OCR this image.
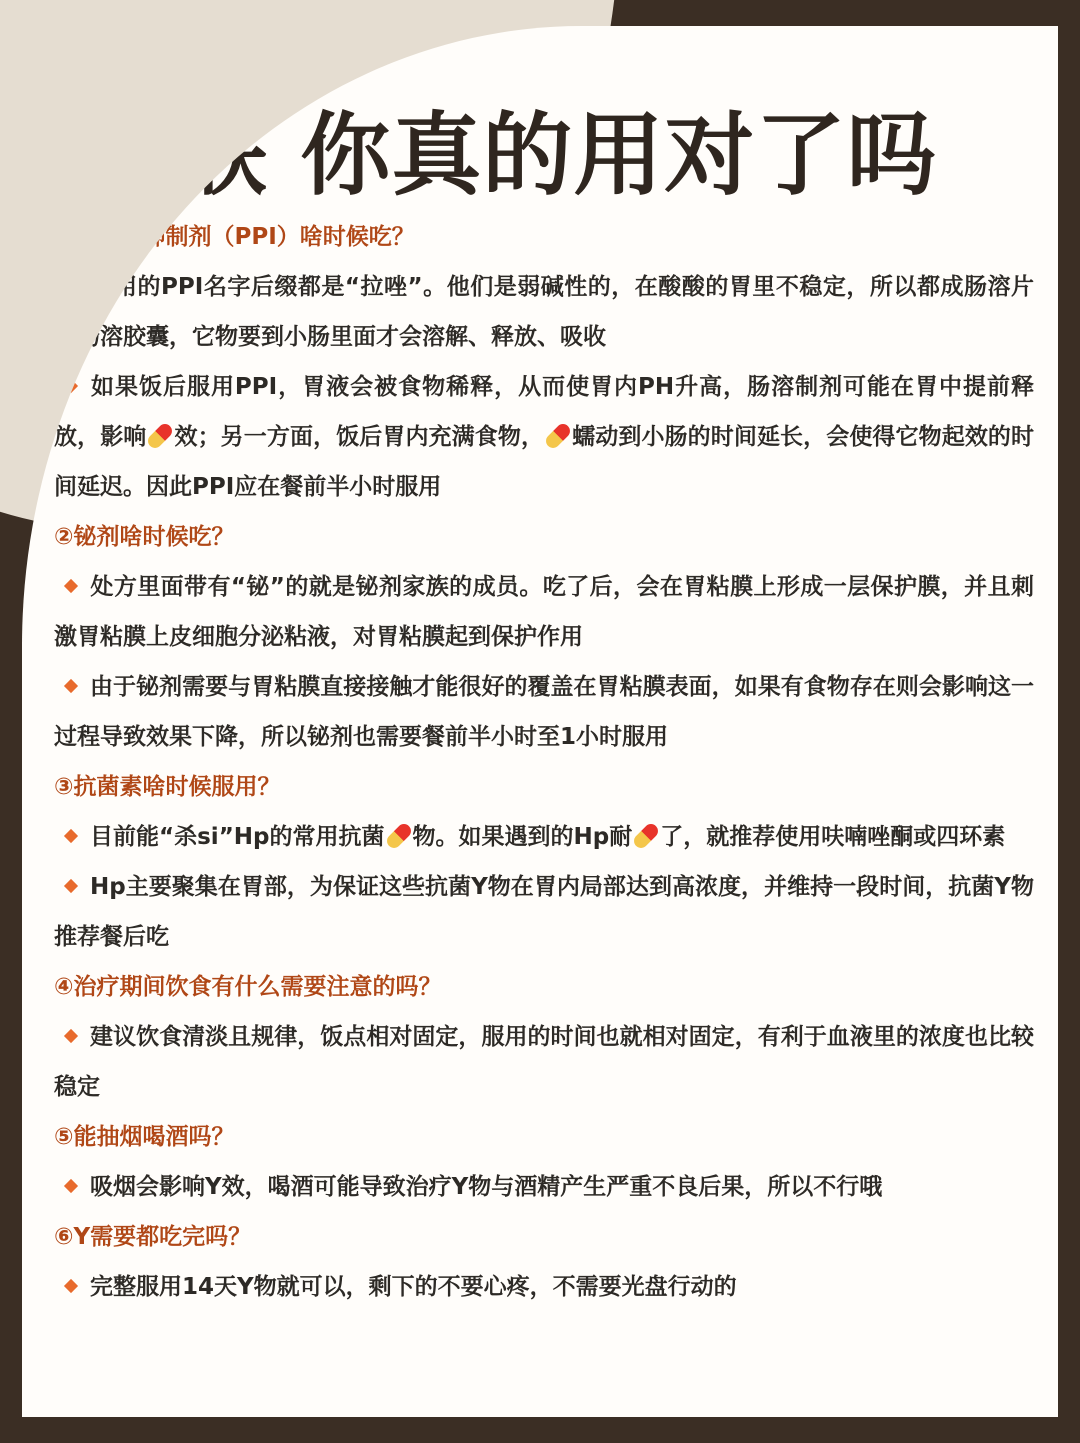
四联 你真的用对了吗
①质子泵抑制剂（PPI）啥时候吃？
常用的PPI名字后缀都是“拉唑”。他们是弱碱性的，在酸酸的胃里不稳定，所以都成肠溶片或肠溶胶囊，它物要到小肠里面才会溶解、释放、吸收
如果饭后服用PPI，胃液会被食物稀释，从而使胃内PH升高，肠溶制剂可能在胃中提前释放，影响 效；另一方面，饭后胃内充满食物， 蠕动到小肠的时间延长，会使得它物起效的时间延迟。因此PPI应在餐前半小时服用
②铋剂啥时候吃？
处方里面带有“铋”的就是铋剂家族的成员。吃了后，会在胃粘膜上形成一层保护膜，并且刺激胃粘膜上皮细胞分泌粘液，对胃粘膜起到保护作用
由于铋剂需要与胃粘膜直接接触才能很好的覆盖在胃粘膜表面，如果有食物存在则会影响这一过程导致效果下降，所以铋剂也需要餐前半小时至1小时服用
③抗菌素啥时候服用？
目前能“杀si”Hp的常用抗菌 物。如果遇到的Hp耐 了，就推荐使用呋喃唑酮或四环素
Hp主要聚集在胃部，为保证这些抗菌Y物在胃内局部达到高浓度，并维持一段时间，抗菌Y物推荐餐后吃
④治疗期间饮食有什么需要注意的吗？
建议饮食清淡且规律，饭点相对固定，服用的时间也就相对固定，有利于血液里的浓度也比较稳定
⑤能抽烟喝酒吗？
吸烟会影响Y效，喝酒可能导致治疗Y物与酒精产生严重不良后果，所以不行哦
⑥Y需要都吃完吗？
完整服用14天Y物就可以，剩下的不要心疼，不需要光盘行动的
